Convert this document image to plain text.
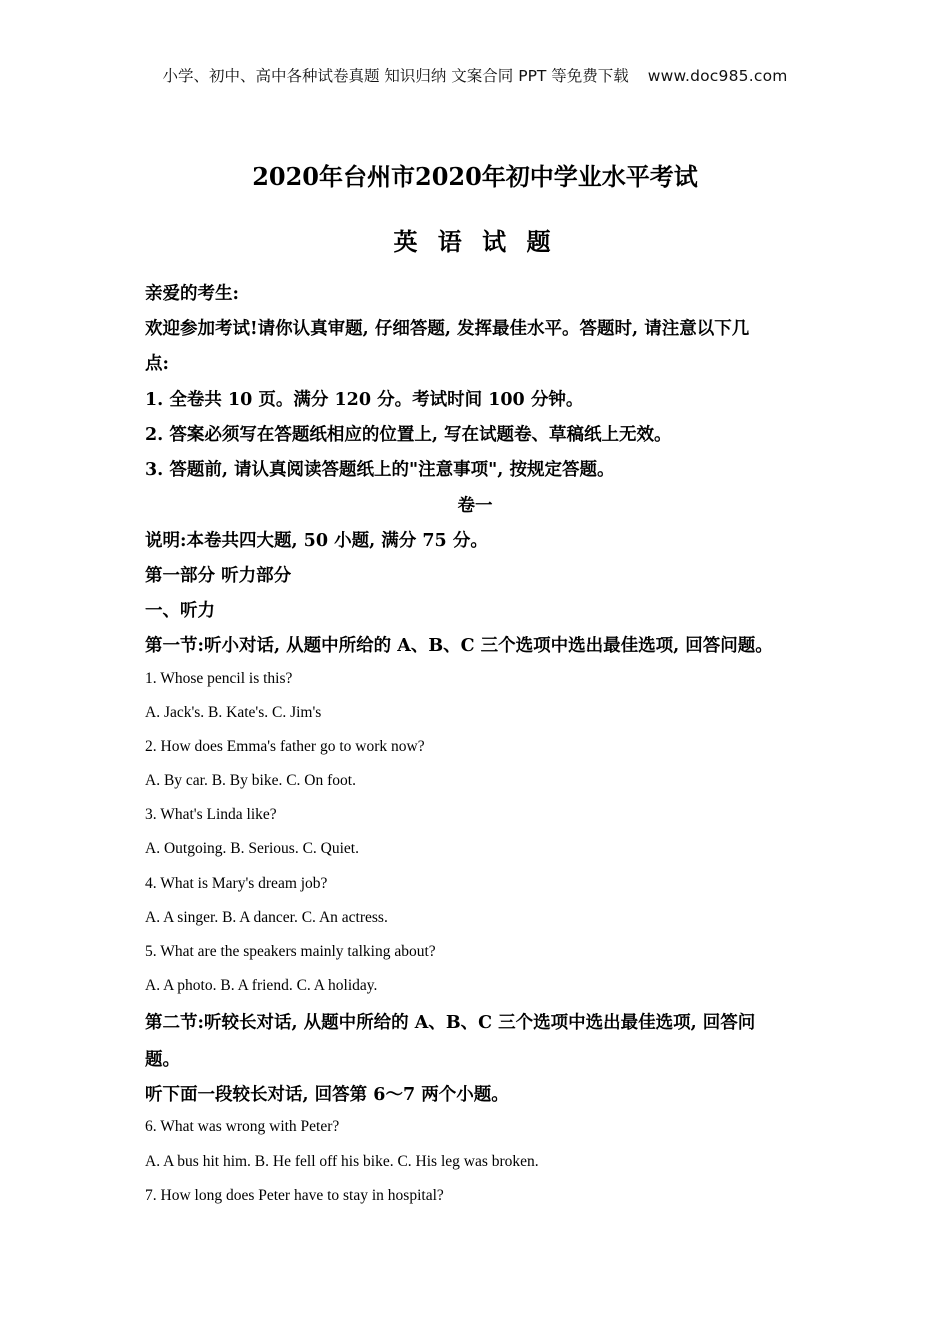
小学、初中、高中各种试卷真题 知识归纳 文案合同 PPT 等免费下载 www.doc985.com
2020年台州市2020年初中学业水平考试
英 语 试 题
亲爱的考生:
欢迎参加考试!请你认真审题, 仔细答题, 发挥最佳水平。答题时, 请注意以下几
点:
1. 全卷共 10 页。满分 120 分。考试时间 100 分钟。
2. 答案必须写在答题纸相应的位置上, 写在试题卷、草稿纸上无效。
3. 答题前, 请认真阅读答题纸上的"注意事项", 按规定答题。
卷一
说明:本卷共四大题, 50 小题, 满分 75 分。
第一部分 听力部分
一、听力
第一节:听小对话, 从题中所给的 A、B、C 三个选项中选出最佳选项, 回答问题。
1. Whose pencil is this?
A. Jack's. B. Kate's. C. Jim's
2. How does Emma's father go to work now?
A. By car. B. By bike. C. On foot.
3. What's Linda like?
A. Outgoing. B. Serious. C. Quiet.
4. What is Mary's dream job?
A. A singer. B. A dancer. C. An actress.
5. What are the speakers mainly talking about?
A. A photo. B. A friend. C. A holiday.
第二节:听较长对话, 从题中所给的 A、B、C 三个选项中选出最佳选项, 回答问
题。
听下面一段较长对话, 回答第 6～7 两个小题。
6. What was wrong with Peter?
A. A bus hit him. B. He fell off his bike. C. His leg was broken.
7. How long does Peter have to stay in hospital?
